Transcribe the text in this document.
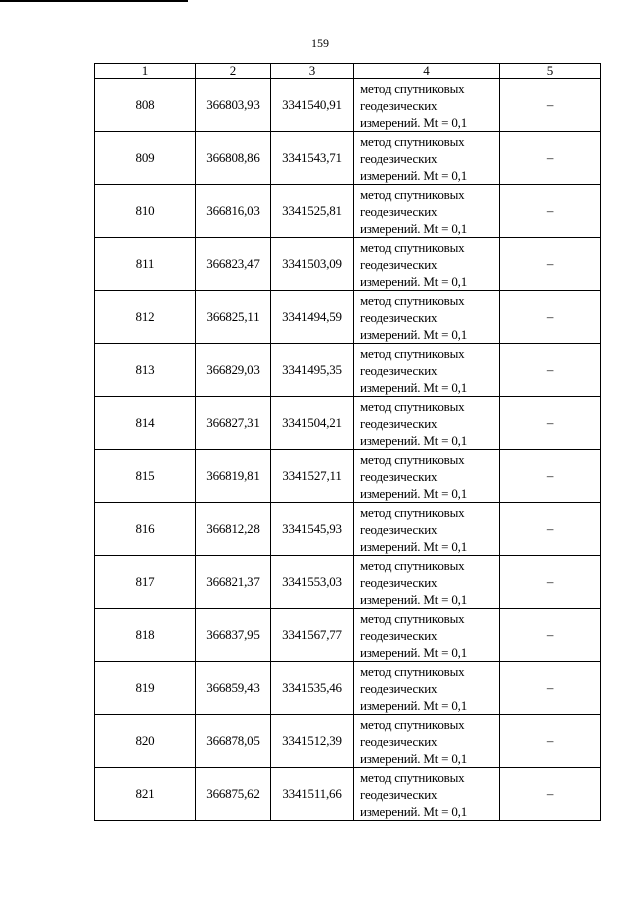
159
1	2	3	4	5
808	366803,93	3341540,91	метод спутниковых
геодезических
измерений. Mt = 0,1	–
809	366808,86	3341543,71	метод спутниковых
геодезических
измерений. Mt = 0,1	–
810	366816,03	3341525,81	метод спутниковых
геодезических
измерений. Mt = 0,1	–
811	366823,47	3341503,09	метод спутниковых
геодезических
измерений. Mt = 0,1	–
812	366825,11	3341494,59	метод спутниковых
геодезических
измерений. Mt = 0,1	–
813	366829,03	3341495,35	метод спутниковых
геодезических
измерений. Mt = 0,1	–
814	366827,31	3341504,21	метод спутниковых
геодезических
измерений. Mt = 0,1	–
815	366819,81	3341527,11	метод спутниковых
геодезических
измерений. Mt = 0,1	–
816	366812,28	3341545,93	метод спутниковых
геодезических
измерений. Mt = 0,1	–
817	366821,37	3341553,03	метод спутниковых
геодезических
измерений. Mt = 0,1	–
818	366837,95	3341567,77	метод спутниковых
геодезических
измерений. Mt = 0,1	–
819	366859,43	3341535,46	метод спутниковых
геодезических
измерений. Mt = 0,1	–
820	366878,05	3341512,39	метод спутниковых
геодезических
измерений. Mt = 0,1	–
821	366875,62	3341511,66	метод спутниковых
геодезических
измерений. Mt = 0,1	–
